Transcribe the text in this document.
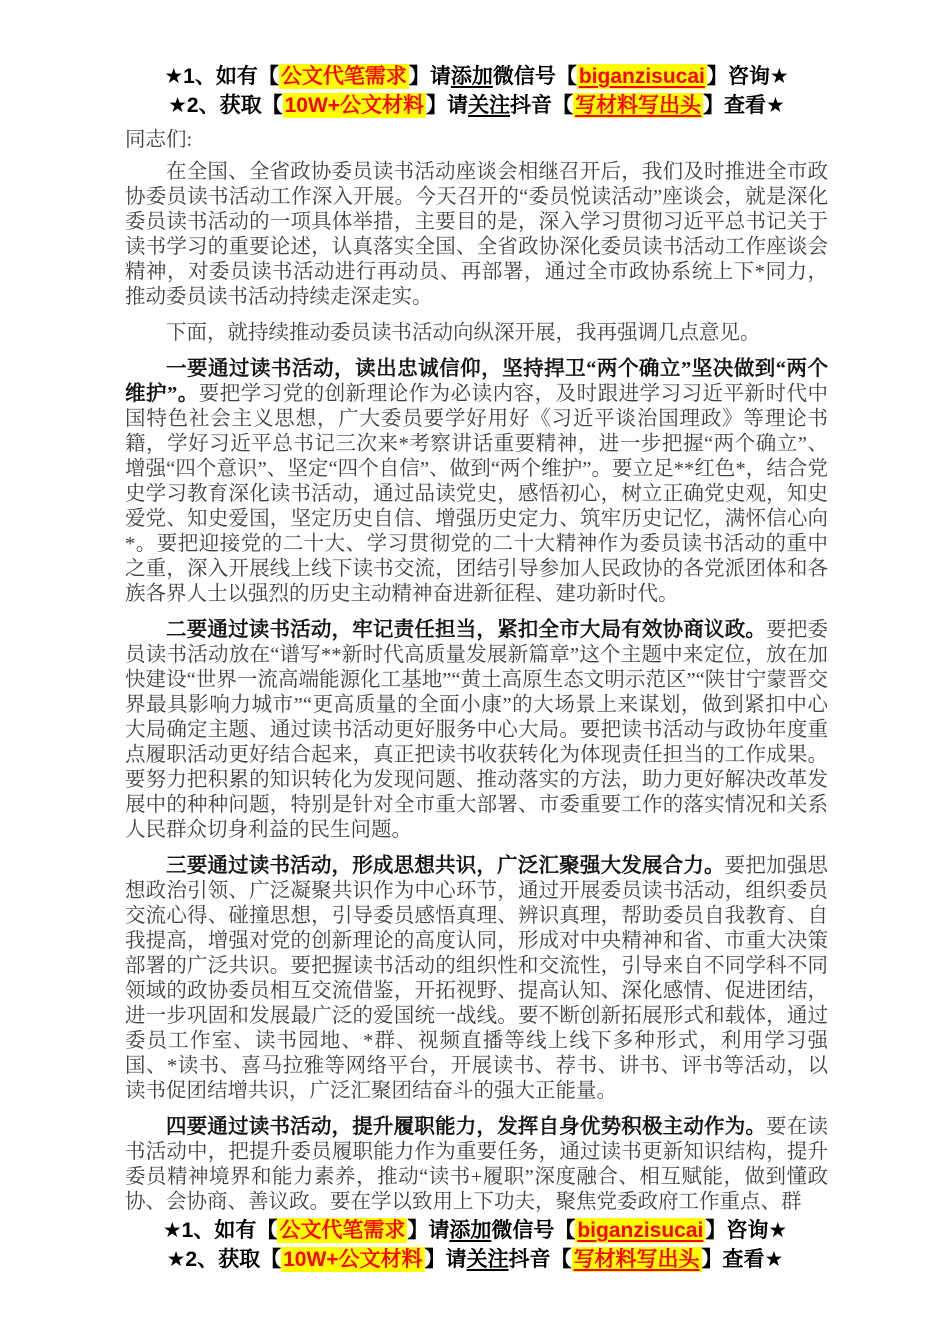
★1、如有【公文代笔需求】请添加微信号【biganzisucai】咨询★
★2、获取【10W+公文材料】请关注抖音【写材料写出头】查看★

同志们:

在全国、全省政协委员读书活动座谈会相继召开后，我们及时推进全市政协委员读书活动工作深入开展。今天召开的“委员悦读活动”座谈会，就是深化委员读书活动的一项具体举措，主要目的是，深入学习贯彻习近平总书记关于读书学习的重要论述，认真落实全国、全省政协深化委员读书活动工作座谈会精神，对委员读书活动进行再动员、再部署，通过全市政协系统上下*同力，推动委员读书活动持续走深走实。

下面，就持续推动委员读书活动向纵深开展，我再强调几点意见。

一要通过读书活动，读出忠诚信仰，坚持捍卫“两个确立”坚决做到“两个维护”。要把学习党的创新理论作为必读内容，及时跟进学习习近平新时代中国特色社会主义思想，广大委员要学好用好《习近平谈治国理政》等理论书籍，学好习近平总书记三次来*考察讲话重要精神，进一步把握“两个确立”、增强“四个意识”、坚定“四个自信”、做到“两个维护”。要立足**红色*，结合党史学习教育深化读书活动，通过品读党史，感悟初心，树立正确党史观，知史爱党、知史爱国，坚定历史自信、增强历史定力、筑牢历史记忆，满怀信心向*。要把迎接党的二十大、学习贯彻党的二十大精神作为委员读书活动的重中之重，深入开展线上线下读书交流，团结引导参加人民政协的各党派团体和各族各界人士以强烈的历史主动精神奋进新征程、建功新时代。

二要通过读书活动，牢记责任担当，紧扣全市大局有效协商议政。要把委员读书活动放在“谱写**新时代高质量发展新篇章”这个主题中来定位，放在加快建设“世界一流高端能源化工基地”“黄土高原生态文明示范区”“陕甘宁蒙晋交界最具影响力城市”“更高质量的全面小康”的大场景上来谋划，做到紧扣中心大局确定主题、通过读书活动更好服务中心大局。要把读书活动与政协年度重点履职活动更好结合起来，真正把读书收获转化为体现责任担当的工作成果。要努力把积累的知识转化为发现问题、推动落实的方法，助力更好解决改革发展中的种种问题，特别是针对全市重大部署、市委重要工作的落实情况和关系人民群众切身利益的民生问题。

三要通过读书活动，形成思想共识，广泛汇聚强大发展合力。要把加强思想政治引领、广泛凝聚共识作为中心环节，通过开展委员读书活动，组织委员交流心得、碰撞思想，引导委员感悟真理、辨识真理，帮助委员自我教育、自我提高，增强对党的创新理论的高度认同，形成对中央精神和省、市重大决策部署的广泛共识。要把握读书活动的组织性和交流性，引导来自不同学科不同领域的政协委员相互交流借鉴，开拓视野、提高认知、深化感情、促进团结，进一步巩固和发展最广泛的爱国统一战线。要不断创新拓展形式和载体，通过委员工作室、读书园地、*群、视频直播等线上线下多种形式，利用学习强国、*读书、喜马拉雅等网络平台，开展读书、荐书、讲书、评书等活动，以读书促团结增共识，广泛汇聚团结奋斗的强大正能量。

四要通过读书活动，提升履职能力，发挥自身优势积极主动作为。要在读书活动中，把提升委员履职能力作为重要任务，通过读书更新知识结构，提升委员精神境界和能力素养，推动“读书+履职”深度融合、相互赋能，做到懂政协、会协商、善议政。要在学以致用上下功夫，聚焦党委政府工作重点、群

★1、如有【公文代笔需求】请添加微信号【biganzisucai】咨询★
★2、获取【10W+公文材料】请关注抖音【写材料写出头】查看★
